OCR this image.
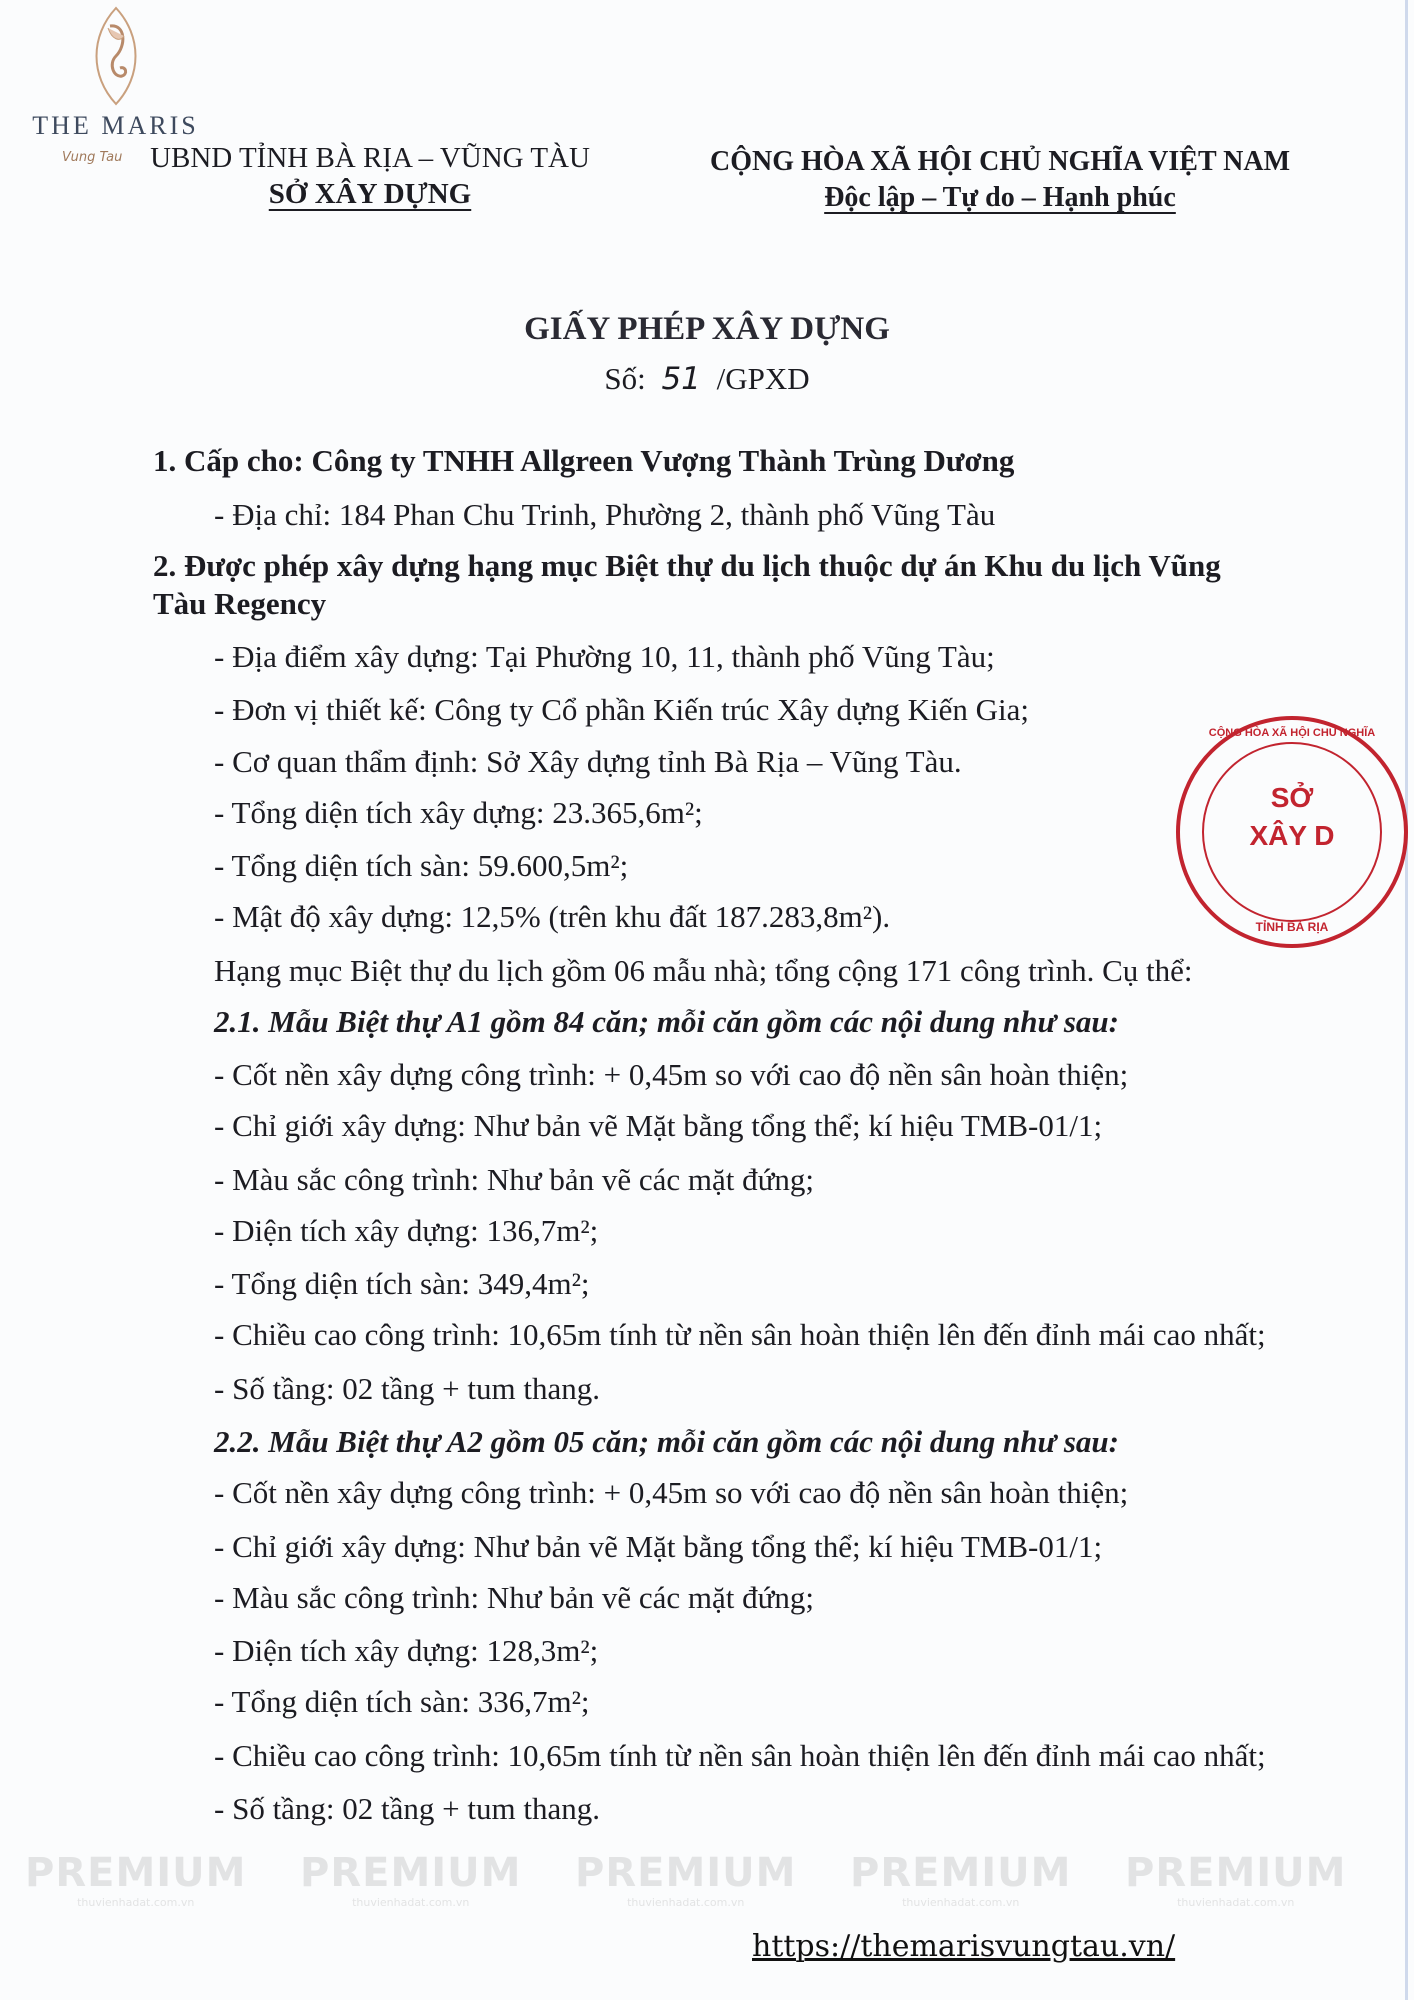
THE MARIS
Vung Tau UBND TỈNH BÀ RỊA – VŨNG TÀU
SỞ XÂY DỰNG
CỘNG HÒA XÃ HỘI CHỦ NGHĨA VIỆT NAM
Độc lập – Tự do – Hạnh phúc
GIẤY PHÉP XÂY DỰNG
Số: 51 /GPXD
1. Cấp cho: Công ty TNHH Allgreen Vượng Thành Trùng Dương
- Địa chỉ: 184 Phan Chu Trinh, Phường 2, thành phố Vũng Tàu
2. Được phép xây dựng hạng mục Biệt thự du lịch thuộc dự án Khu du lịch Vũng
Tàu Regency
- Địa điểm xây dựng: Tại Phường 10, 11, thành phố Vũng Tàu;
- Đơn vị thiết kế: Công ty Cổ phần Kiến trúc Xây dựng Kiến Gia;
- Cơ quan thẩm định: Sở Xây dựng tỉnh Bà Rịa – Vũng Tàu.
- Tổng diện tích xây dựng: 23.365,6m²;
- Tổng diện tích sàn: 59.600,5m²;
- Mật độ xây dựng: 12,5% (trên khu đất 187.283,8m²).
Hạng mục Biệt thự du lịch gồm 06 mẫu nhà; tổng cộng 171 công trình. Cụ thể:
2.1. Mẫu Biệt thự A1 gồm 84 căn; mỗi căn gồm các nội dung như sau:
- Cốt nền xây dựng công trình: + 0,45m so với cao độ nền sân hoàn thiện;
- Chỉ giới xây dựng: Như bản vẽ Mặt bằng tổng thể; kí hiệu TMB-01/1;
- Màu sắc công trình: Như bản vẽ các mặt đứng;
- Diện tích xây dựng: 136,7m²;
- Tổng diện tích sàn: 349,4m²;
- Chiều cao công trình: 10,65m tính từ nền sân hoàn thiện lên đến đỉnh mái cao nhất;
- Số tầng: 02 tầng + tum thang.
2.2. Mẫu Biệt thự A2 gồm 05 căn; mỗi căn gồm các nội dung như sau:
- Cốt nền xây dựng công trình: + 0,45m so với cao độ nền sân hoàn thiện;
- Chỉ giới xây dựng: Như bản vẽ Mặt bằng tổng thể; kí hiệu TMB-01/1;
- Màu sắc công trình: Như bản vẽ các mặt đứng;
- Diện tích xây dựng: 128,3m²;
- Tổng diện tích sàn: 336,7m²;
- Chiều cao công trình: 10,65m tính từ nền sân hoàn thiện lên đến đỉnh mái cao nhất;
- Số tầng: 02 tầng + tum thang.
CỘNG HÒA XÃ HỘI CHỦ NGHĨA
SỞ
XÂY D
TỈNH BÀ RỊA
PREMIUM
thuvienhadat.com.vn
PREMIUM
thuvienhadat.com.vn
PREMIUM
thuvienhadat.com.vn
PREMIUM
thuvienhadat.com.vn
PREMIUM
thuvienhadat.com.vn
https://themarisvungtau.vn/
